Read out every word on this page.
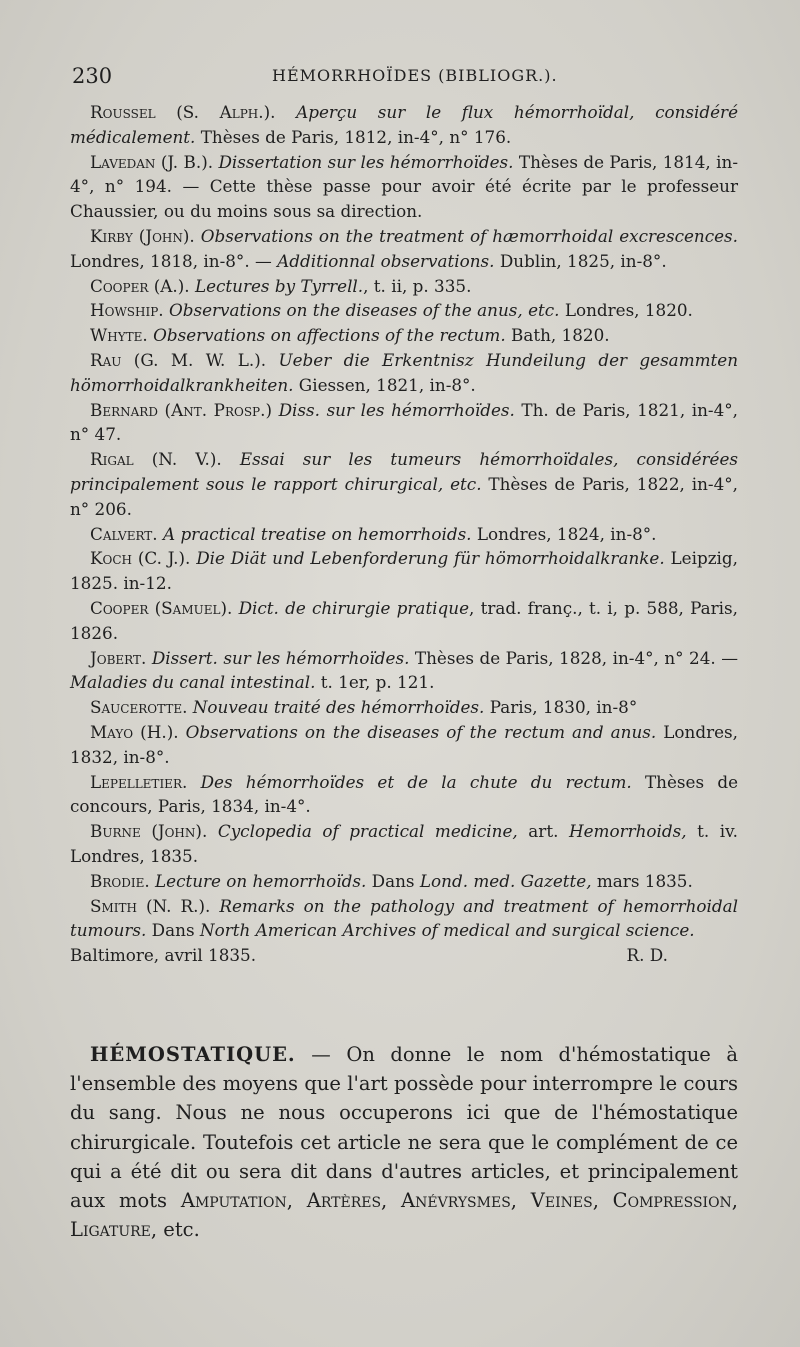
230	HÉMORRHOÏDES (BIBLIOGR.).

Roussel (S. Alph.). Aperçu sur le flux hémorrhoïdal, considéré médicalement. Thèses de Paris, 1812, in-4°, n° 176.

Lavedan (J. B.). Dissertation sur les hémorrhoïdes. Thèses de Paris, 1814, in-4°, n° 194. — Cette thèse passe pour avoir été écrite par le professeur Chaussier, ou du moins sous sa direction.

Kirby (John). Observations on the treatment of hæmorrhoidal excrescences. Londres, 1818, in-8°. — Additionnal observations. Dublin, 1825, in-8°.

Cooper (A.). Lectures by Tyrrell., t. ii, p. 335.

Howship. Observations on the diseases of the anus, etc. Londres, 1820.

Whyte. Observations on affections of the rectum. Bath, 1820.

Rau (G. M. W. L.). Ueber die Erkentnisz Hundeilung der gesammten hömorrhoidalkrankheiten. Giessen, 1821, in-8°.

Bernard (Ant. Prosp.) Diss. sur les hémorrhoïdes. Th. de Paris, 1821, in-4°, n° 47.

Rigal (N. V.). Essai sur les tumeurs hémorrhoïdales, considérées principalement sous le rapport chirurgical, etc. Thèses de Paris, 1822, in-4°, n° 206.

Calvert. A practical treatise on hemorrhoids. Londres, 1824, in-8°.

Koch (C. J.). Die Diät und Lebenforderung für hömorrhoidalkranke. Leipzig, 1825. in-12.

Cooper (Samuel). Dict. de chirurgie pratique, trad. franç., t. i, p. 588, Paris, 1826.

Jobert. Dissert. sur les hémorrhoïdes. Thèses de Paris, 1828, in-4°, n° 24. — Maladies du canal intestinal. t. 1er, p. 121.

Saucerotte. Nouveau traité des hémorrhoïdes. Paris, 1830, in-8°

Mayo (H.). Observations on the diseases of the rectum and anus. Londres, 1832, in-8°.

Lepelletier. Des hémorrhoïdes et de la chute du rectum. Thèses de concours, Paris, 1834, in-4°.

Burne (John). Cyclopedia of practical medicine, art. Hemorrhoids, t. iv. Londres, 1835.

Brodie. Lecture on hemorrhoïds. Dans Lond. med. Gazette, mars 1835.

Smith (N. R.). Remarks on the pathology and treatment of hemorrhoidal tumours. Dans North American Archives of medical and surgical science.

Baltimore, avril 1835.	R. D.

HÉMOSTATIQUE. — On donne le nom d'hémostatique à l'ensemble des moyens que l'art possède pour interrompre le cours du sang. Nous ne nous occuperons ici que de l'hémostatique chirurgicale. Toutefois cet article ne sera que le complément de ce qui a été dit ou sera dit dans d'autres articles, et principalement aux mots Amputation, Artères, Anévrysmes, Veines, Compression, Ligature, etc.
